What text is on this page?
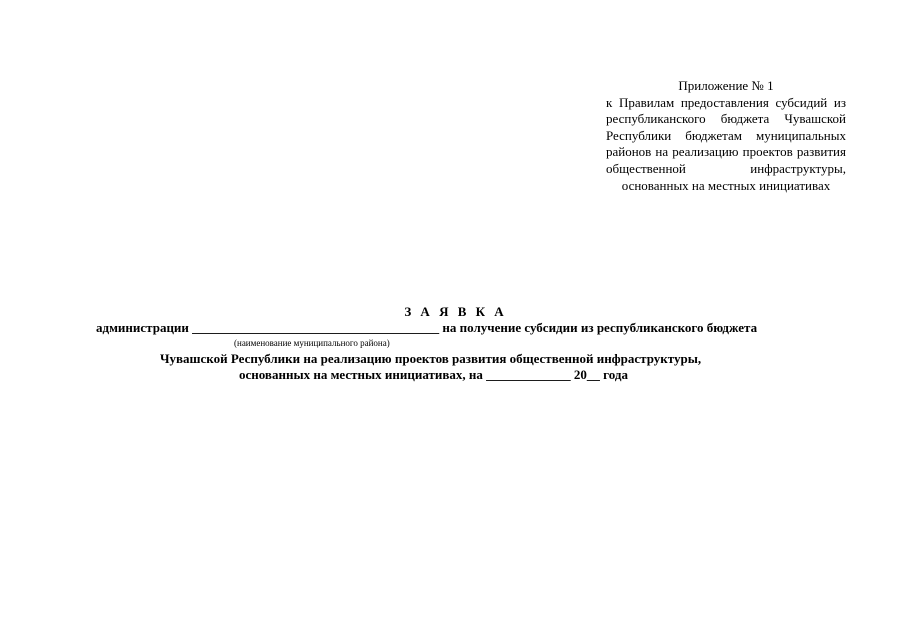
Приложение № 1
к Правилам предоставления субсидий из республиканского бюджета Чувашской Республики бюджетам муниципальных районов на реализацию проектов развития общественной инфраструктуры, основанных на местных инициативах
З А Я В К А
администрации ______________________________________ на получение субсидии из республиканского бюджета
(наименование муниципального района)
Чувашской Республики на реализацию проектов развития общественной инфраструктуры,
основанных на местных инициативах, на _____________ 20__ года
